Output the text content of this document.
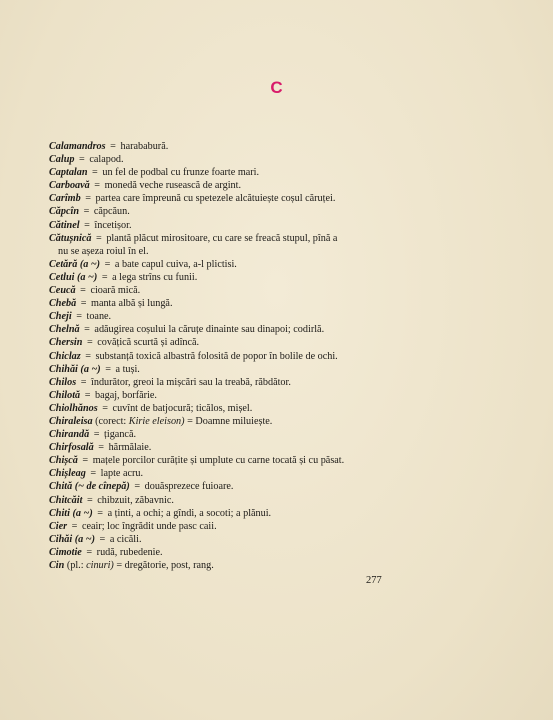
C
Calamandros = harababură.
Calup = calapod.
Captalan = un fel de podbal cu frunze foarte mari.
Carboavă = monedă veche rusească de argint.
Carîmb = partea care împreună cu spetezele alcătuiește coșul căruței.
Căpcîn = căpcăun.
Cătinel = încetișor.
Cătușnică = plantă plăcut mirositoare, cu care se freacă stupul, pînă a
nu se așeza roiul în el.
Cetără (a ~) = a bate capul cuiva, a-l plictisi.
Cetlui (a ~) = a lega strîns cu funii.
Ceucă = cioară mică.
Chebă = manta albă și lungă.
Cheji = toane.
Chelnă = adăugirea coșului la căruțe dinainte sau dinapoi; codirlă.
Chersin = covățică scurtă și adîncă.
Chiclaz = substanță toxică albastră folosită de popor în bolile de ochi.
Chihăi (a ~) = a tuși.
Chilos = îndurător, greoi la mișcări sau la treabă, răbdător.
Chilotă = bagaj, borfărie.
Chiolhănos = cuvînt de batjocură; ticălos, mișel.
Chiraleisa (corect: Kirie eleison) = Doamne miluiește.
Chirandă = țigancă.
Chirfosală = hărmălaie.
Chișcă = mațele porcilor curățite și umplute cu carne tocată și cu păsat.
Chișleag = lapte acru.
Chită (~ de cînepă) = douăsprezece fuioare.
Chitcăit = chibzuit, zăbavnic.
Chiti (a ~) = a ținti, a ochi; a gîndi, a socoti; a plănui.
Cier = ceair; loc îngrădit unde pasc caii.
Cihăi (a ~) = a cicăli.
Cimotie = rudă, rubedenie.
Cin (pl.: cinuri) = dregătorie, post, rang.
277
